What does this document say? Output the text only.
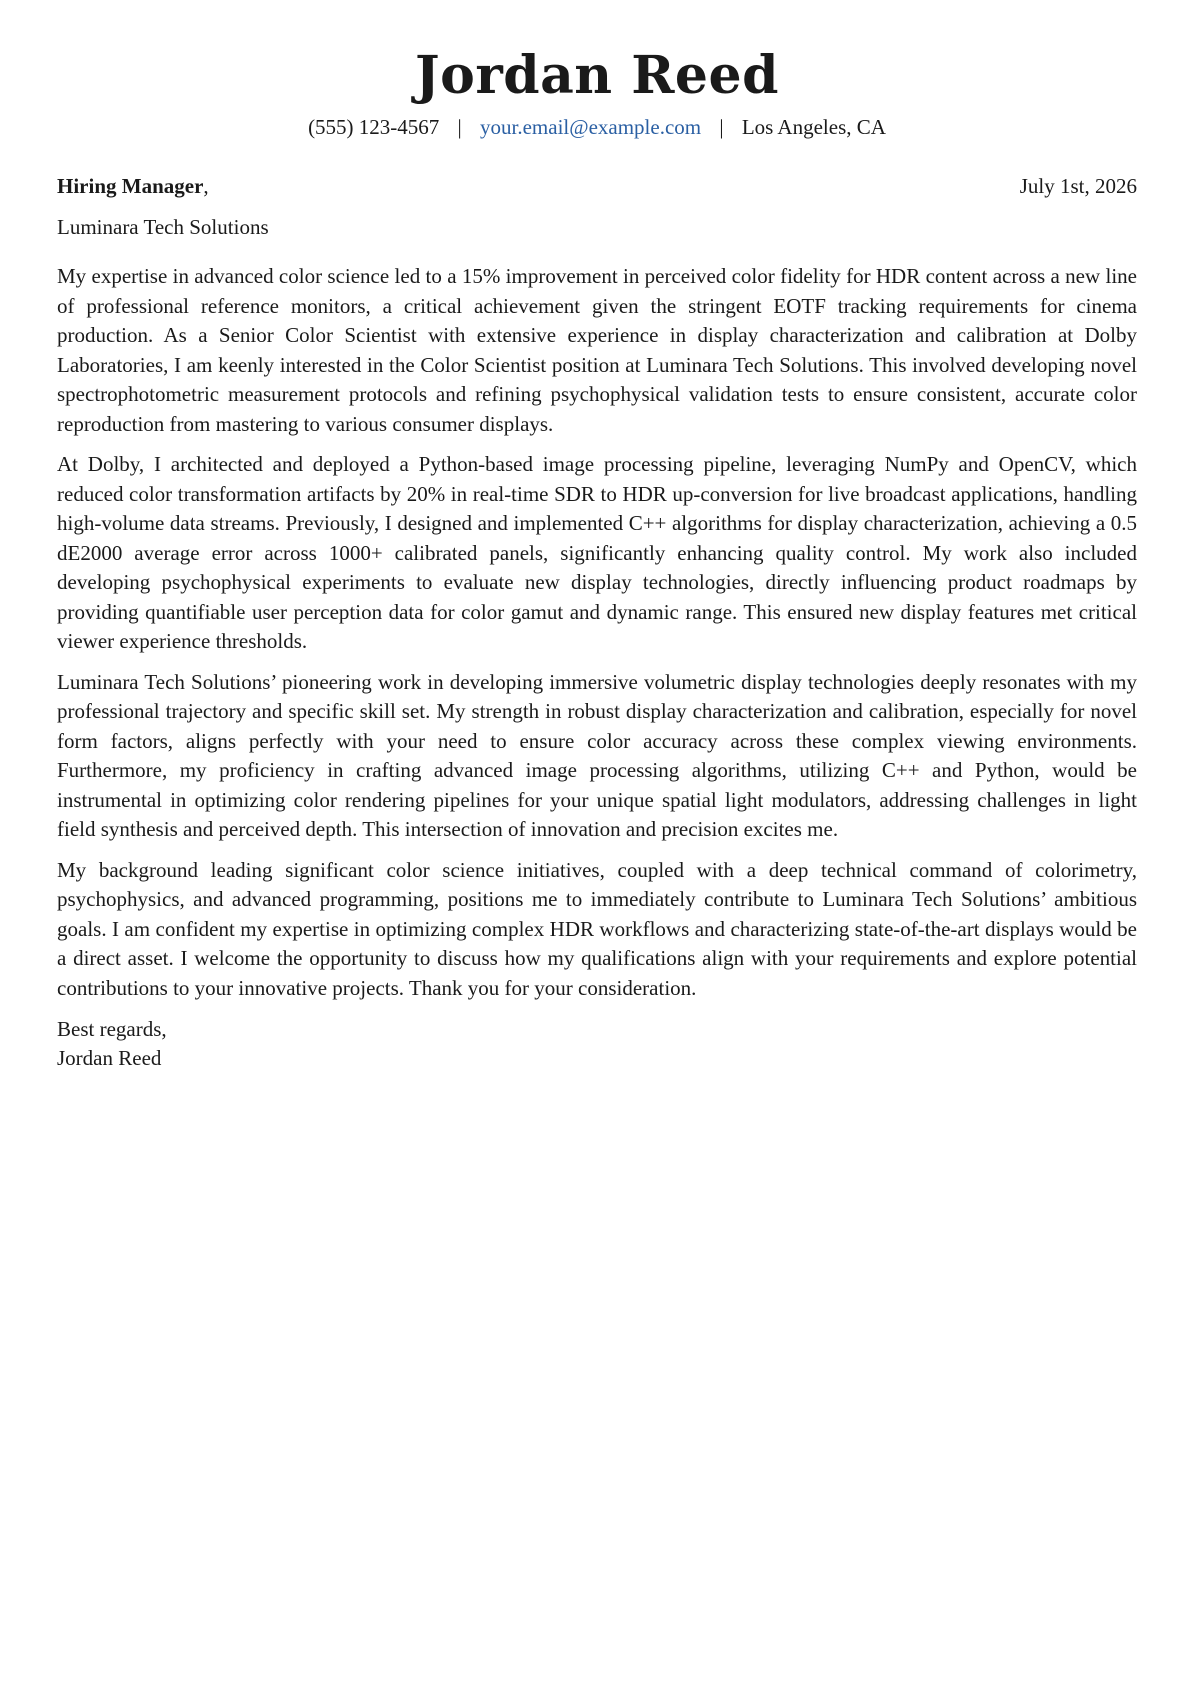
Jordan Reed
(555) 123-4567 | your.email@example.com | Los Angeles, CA
Hiring Manager,	July 1st, 2026
Luminara Tech Solutions

My expertise in advanced color science led to a 15% improvement in perceived color fidelity for HDR content across a new line of professional reference monitors, a critical achievement given the stringent EOTF tracking requirements for cinema production. As a Senior Color Scientist with extensive experience in display characterization and calibration at Dolby Laboratories, I am keenly interested in the Color Scientist position at Luminara Tech Solutions. This involved developing novel spectrophotometric measurement protocols and refining psychophysical validation tests to ensure consistent, accurate color reproduction from mastering to various consumer displays.

At Dolby, I architected and deployed a Python-based image processing pipeline, leveraging NumPy and OpenCV, which reduced color transformation artifacts by 20% in real-time SDR to HDR up-conversion for live broadcast applications, handling high-volume data streams. Previously, I designed and implemented C++ algorithms for display characterization, achieving a 0.5 dE2000 average error across 1000+ calibrated panels, significantly enhancing quality control. My work also included developing psychophysical experiments to evaluate new display technologies, directly influencing product roadmaps by providing quantifiable user perception data for color gamut and dynamic range. This ensured new display features met critical viewer experience thresholds.

Luminara Tech Solutions’ pioneering work in developing immersive volumetric display technologies deeply resonates with my professional trajectory and specific skill set. My strength in robust display characterization and calibration, especially for novel form factors, aligns perfectly with your need to ensure color accuracy across these complex viewing environments. Furthermore, my proficiency in crafting advanced image processing algorithms, utilizing C++ and Python, would be instrumental in optimizing color rendering pipelines for your unique spatial light modulators, addressing challenges in light field synthesis and perceived depth. This intersection of innovation and precision excites me.

My background leading significant color science initiatives, coupled with a deep technical command of colorimetry, psychophysics, and advanced programming, positions me to immediately contribute to Luminara Tech Solutions’ ambitious goals. I am confident my expertise in optimizing complex HDR workflows and characterizing state-of-the-art displays would be a direct asset. I welcome the opportunity to discuss how my qualifications align with your requirements and explore potential contributions to your innovative projects. Thank you for your consideration.

Best regards,
Jordan Reed
